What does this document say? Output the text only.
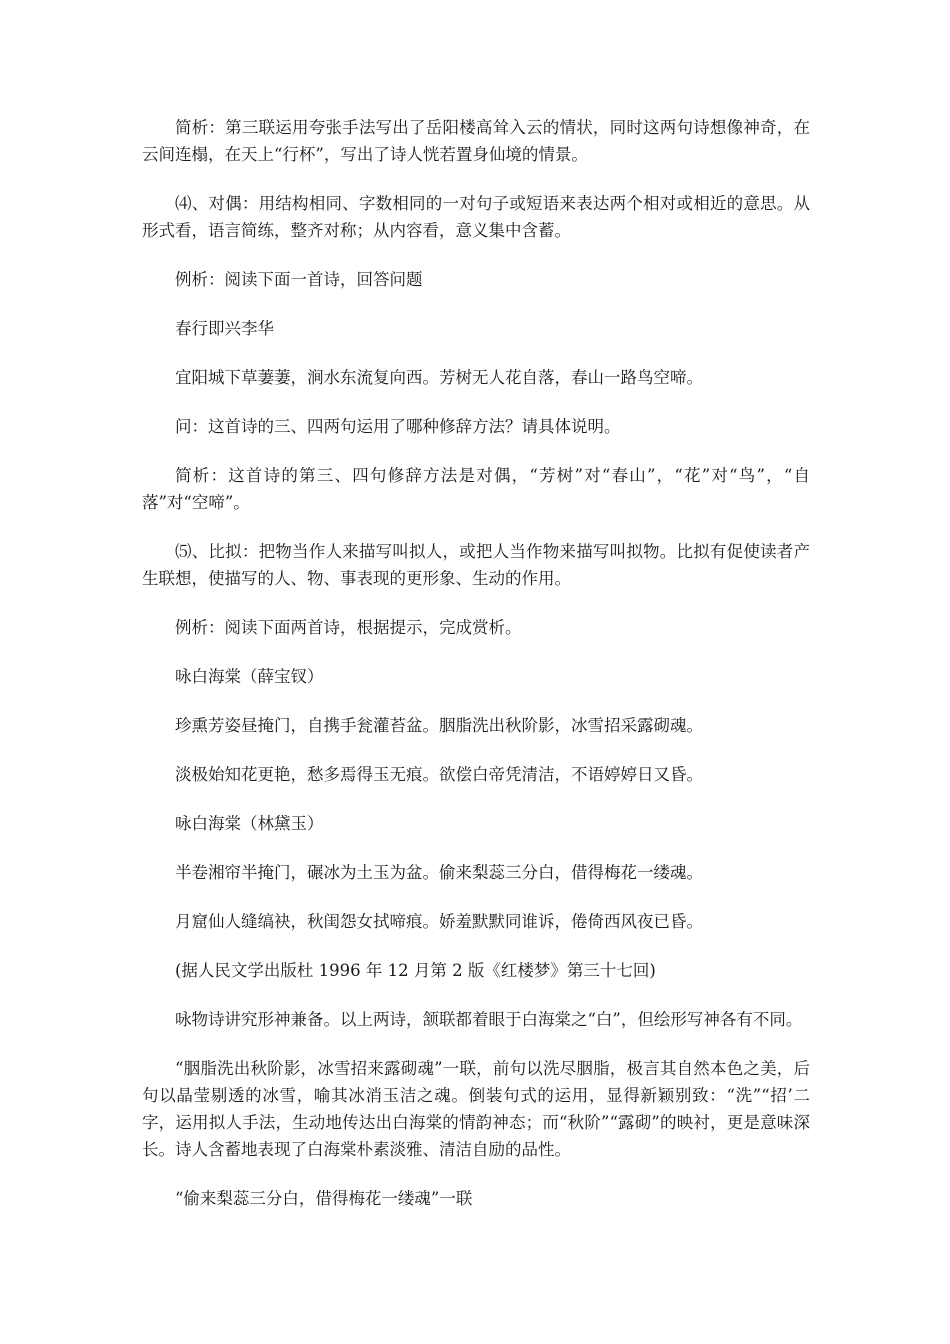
简析：第三联运用夸张手法写出了岳阳楼高耸入云的情状，同时这两句诗想像神奇，在云间连榻，在天上“行杯”，写出了诗人恍若置身仙境的情景。

⑷、对偶：用结构相同、字数相同的一对句子或短语来表达两个相对或相近的意思。从形式看，语言简练，整齐对称；从内容看，意义集中含蓄。

例析：阅读下面一首诗，回答问题

春行即兴李华

宜阳城下草萋萋，涧水东流复向西。芳树无人花自落，春山一路鸟空啼。

问：这首诗的三、四两句运用了哪种修辞方法？请具体说明。

简析：这首诗的第三、四句修辞方法是对偶，“芳树”对“春山”，“花”对“鸟”，“自落”对“空啼”。

⑸、比拟：把物当作人来描写叫拟人，或把人当作物来描写叫拟物。比拟有促使读者产生联想，使描写的人、物、事表现的更形象、生动的作用。

例析：阅读下面两首诗，根据提示，完成赏析。

咏白海棠（薛宝钗）

珍熏芳姿昼掩门，自携手瓮灌苔盆。胭脂洗出秋阶影，冰雪招采露砌魂。

淡极始知花更艳，愁多焉得玉无痕。欲偿白帝凭清洁，不语婷婷日又昏。

咏白海棠（林黛玉）

半卷湘帘半掩门，碾冰为土玉为盆。偷来梨蕊三分白，借得梅花一缕魂。

月窟仙人缝缟袂，秋闺怨女拭啼痕。娇羞默默同谁诉，倦倚西风夜已昏。

(据人民文学出版杜 1996 年 12 月第 2 版《红楼梦》第三十七回)

咏物诗讲究形神兼备。以上两诗，颔联都着眼于白海棠之“白”，但绘形写神各有不同。

“胭脂洗出秋阶影，冰雪招来露砌魂”一联，前句以洗尽胭脂，极言其自然本色之美，后句以晶莹剔透的冰雪，喻其冰消玉洁之魂。倒装句式的运用，显得新颖别致：“洗”“招’二字，运用拟人手法，生动地传达出白海棠的情韵神态；而“秋阶”“露砌”的映衬，更是意味深长。诗人含蓄地表现了白海棠朴素淡雅、清洁自励的品性。

“偷来梨蕊三分白，借得梅花一缕魂”一联
